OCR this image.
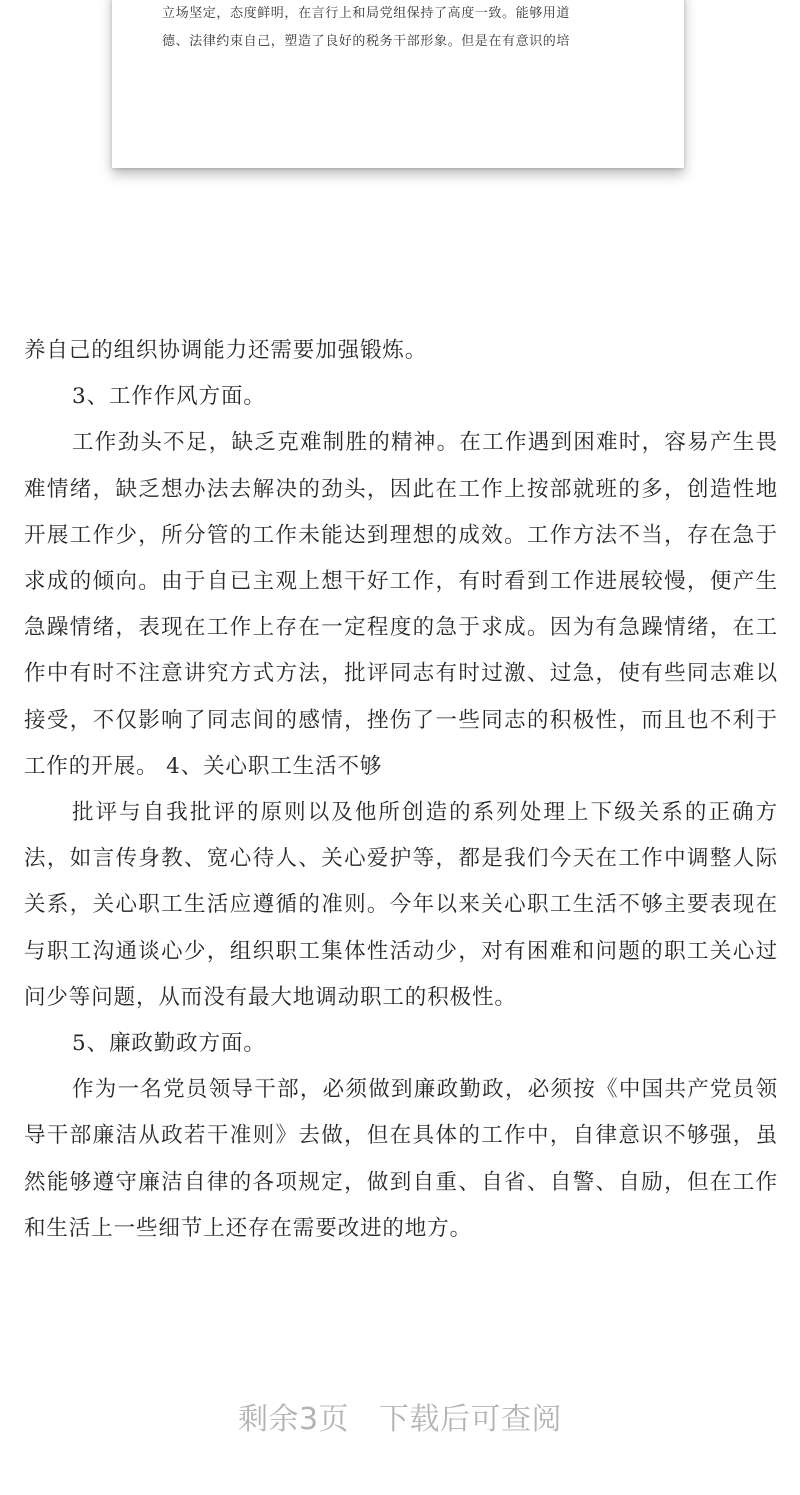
立场坚定，态度鲜明，在言行上和局党组保持了高度一致。能够用道
德、法律约束自己，塑造了良好的税务干部形象。但是在有意识的培

养自己的组织协调能力还需要加强锻炼。

3、工作作风方面。

工作劲头不足，缺乏克难制胜的精神。在工作遇到困难时，容易产生畏难情绪，缺乏想办法去解决的劲头，因此在工作上按部就班的多，创造性地开展工作少，所分管的工作未能达到理想的成效。工作方法不当，存在急于求成的倾向。由于自已主观上想干好工作，有时看到工作进展较慢，便产生急躁情绪，表现在工作上存在一定程度的急于求成。因为有急躁情绪，在工作中有时不注意讲究方式方法，批评同志有时过激、过急，使有些同志难以接受，不仅影响了同志间的感情，挫伤了一些同志的积极性，而且也不利于工作的开展。 4、关心职工生活不够

批评与自我批评的原则以及他所创造的系列处理上下级关系的正确方法，如言传身教、宽心待人、关心爱护等，都是我们今天在工作中调整人际关系，关心职工生活应遵循的准则。今年以来关心职工生活不够主要表现在与职工沟通谈心少，组织职工集体性活动少，对有困难和问题的职工关心过问少等问题，从而没有最大地调动职工的积极性。

5、廉政勤政方面。

作为一名党员领导干部，必须做到廉政勤政，必须按《中国共产党员领导干部廉洁从政若干准则》去做，但在具体的工作中，自律意识不够强，虽然能够遵守廉洁自律的各项规定，做到自重、自省、自警、自励，但在工作和生活上一些细节上还存在需要改进的地方。

剩余3页 下载后可查阅
